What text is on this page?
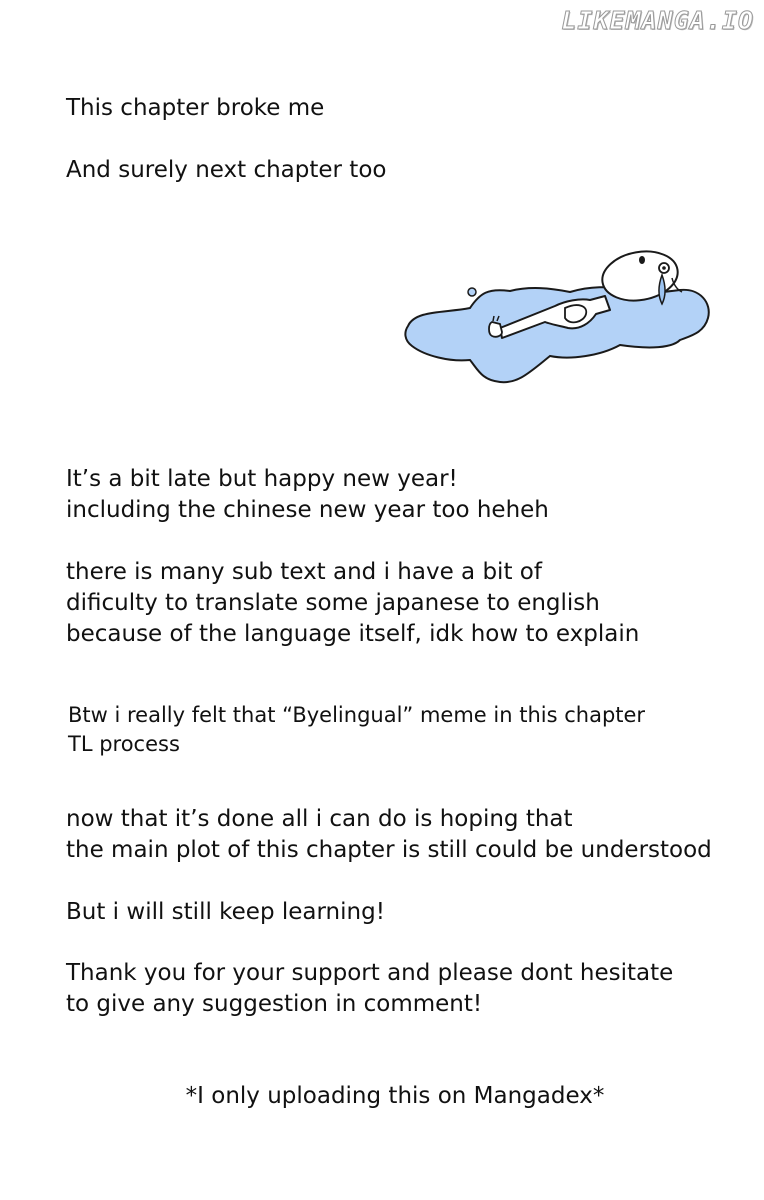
LIKEMANGA.IO
This chapter broke me
And surely next chapter too
It’s a bit late but happy new year!
including the chinese new year too heheh
there is many sub text and i have a bit of
dificulty to translate some japanese to english
because of the language itself, idk how to explain
Btw i really felt that “Byelingual” meme in this chapter
TL process
now that it’s done all i can do is hoping that
the main plot of this chapter is still could be understood
But i will still keep learning!
Thank you for your support and please dont hesitate
to give any suggestion in comment!
*I only uploading this on Mangadex*
